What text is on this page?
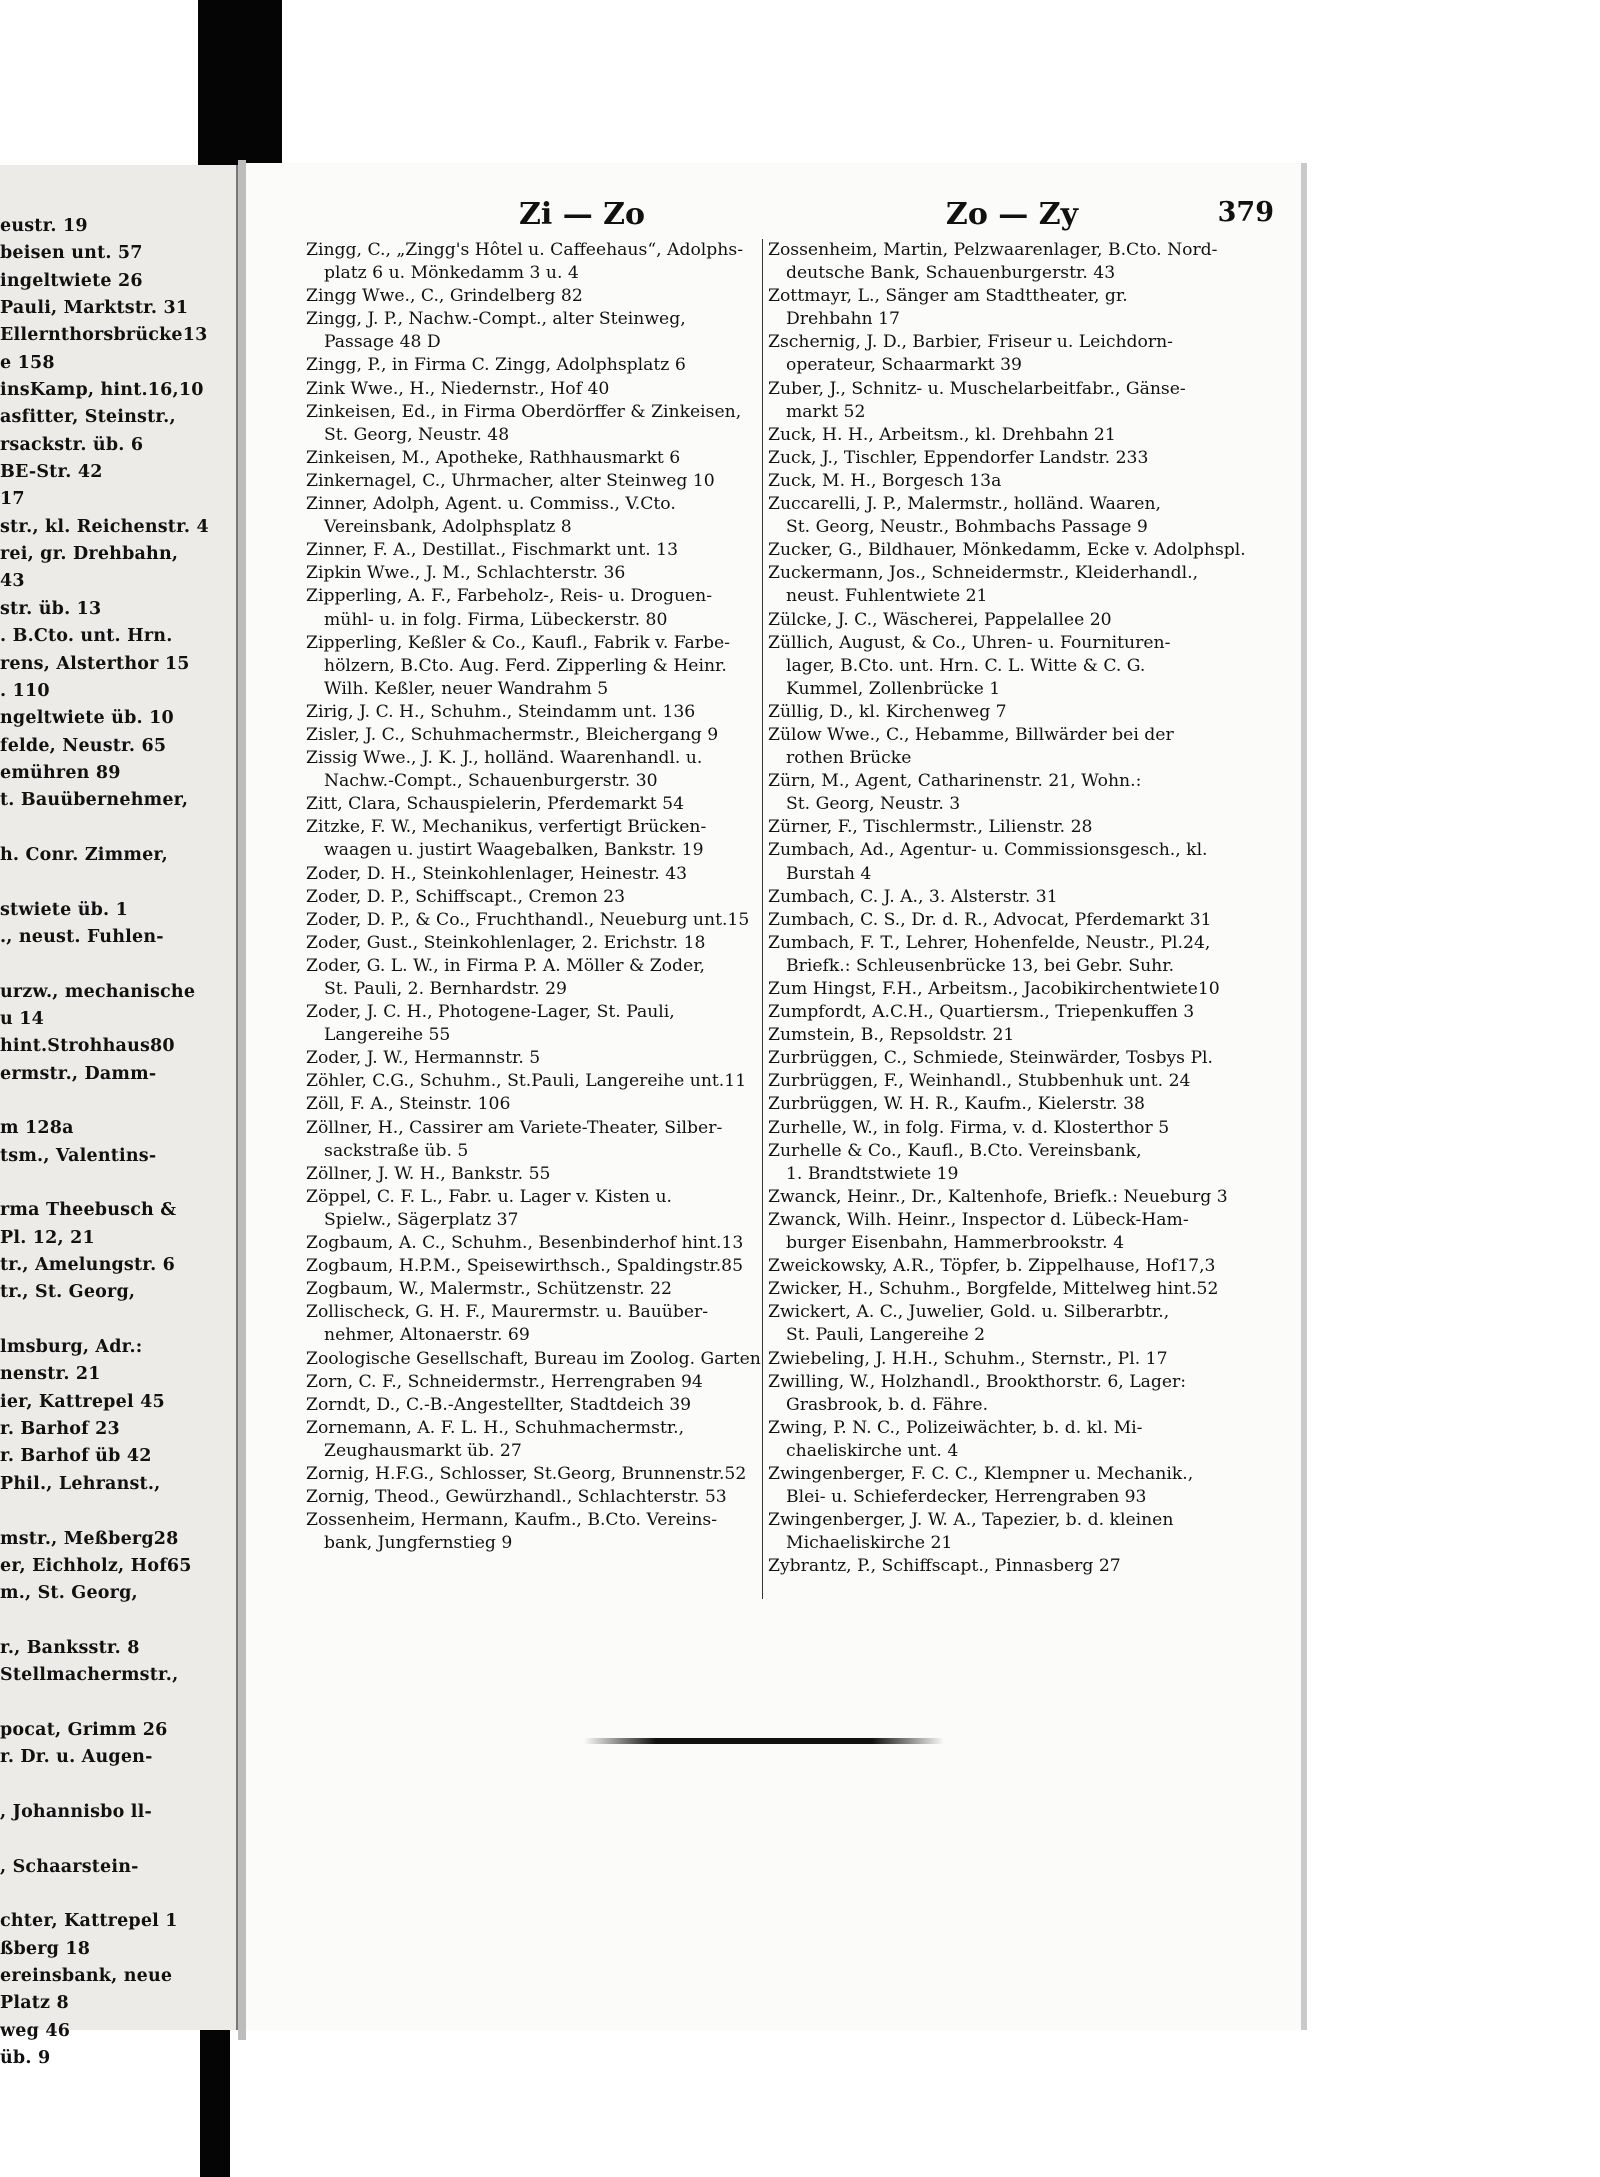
eustr. 19
beisen unt. 57
ingeltwiete 26
Pauli, Marktstr. 31
Ellernthorsbrücke13
e 158
insKamp, hint.16,10
asfitter, Steinstr.,
rsackstr. üb. 6
BE-Str. 42
17
str., kl. Reichenstr. 4
rei, gr. Drehbahn,
43
str. üb. 13
. B.Cto. unt. Hrn.
rens, Alsterthor 15
. 110
ngeltwiete üb. 10
felde, Neustr. 65
emühren 89
t. Bauübernehmer,
h. Conr. Zimmer,
stwiete üb. 1
., neust. Fuhlen-
urzw., mechanische
u 14
hint.Strohhaus80
ermstr., Damm-
m 128a
tsm., Valentins-
rma Theebusch &
Pl. 12, 21
tr., Amelungstr. 6
tr., St. Georg,
lmsburg, Adr.:
nenstr. 21
ier, Kattrepel 45
r. Barhof 23
r. Barhof üb 42
Phil., Lehranst.,
mstr., Meßberg28
er, Eichholz, Hof65
m., St. Georg,
r., Banksstr. 8
Stellmachermstr.,
pocat, Grimm 26
r. Dr. u. Augen-
, Johannisbo ll-
, Schaarstein-
chter, Kattrepel 1
ßberg 18
ereinsbank, neue
Platz 8
weg 46
üb. 9
Zi — Zo	Zo — Zy	379
Zingg, C., „Zingg's Hôtel u. Caffeehaus“, Adolphs-
platz 6 u. Mönkedamm 3 u. 4
Zingg Wwe., C., Grindelberg 82
Zingg, J. P., Nachw.-Compt., alter Steinweg,
Passage 48 D
Zingg, P., in Firma C. Zingg, Adolphsplatz 6
Zink Wwe., H., Niedernstr., Hof 40
Zinkeisen, Ed., in Firma Oberdörffer & Zinkeisen,
St. Georg, Neustr. 48
Zinkeisen, M., Apotheke, Rathhausmarkt 6
Zinkernagel, C., Uhrmacher, alter Steinweg 10
Zinner, Adolph, Agent. u. Commiss., V.Cto.
Vereinsbank, Adolphsplatz 8
Zinner, F. A., Destillat., Fischmarkt unt. 13
Zipkin Wwe., J. M., Schlachterstr. 36
Zipperling, A. F., Farbeholz-, Reis- u. Droguen-
mühl- u. in folg. Firma, Lübeckerstr. 80
Zipperling, Keßler & Co., Kaufl., Fabrik v. Farbe-
hölzern, B.Cto. Aug. Ferd. Zipperling & Heinr.
Wilh. Keßler, neuer Wandrahm 5
Zirig, J. C. H., Schuhm., Steindamm unt. 136
Zisler, J. C., Schuhmachermstr., Bleichergang 9
Zissig Wwe., J. K. J., holländ. Waarenhandl. u.
Nachw.-Compt., Schauenburgerstr. 30
Zitt, Clara, Schauspielerin, Pferdemarkt 54
Zitzke, F. W., Mechanikus, verfertigt Brücken-
waagen u. justirt Waagebalken, Bankstr. 19
Zoder, D. H., Steinkohlenlager, Heinestr. 43
Zoder, D. P., Schiffscapt., Cremon 23
Zoder, D. P., & Co., Fruchthandl., Neueburg unt.15
Zoder, Gust., Steinkohlenlager, 2. Erichstr. 18
Zoder, G. L. W., in Firma P. A. Möller & Zoder,
St. Pauli, 2. Bernhardstr. 29
Zoder, J. C. H., Photogene-Lager, St. Pauli,
Langereihe 55
Zoder, J. W., Hermannstr. 5
Zöhler, C.G., Schuhm., St.Pauli, Langereihe unt.11
Zöll, F. A., Steinstr. 106
Zöllner, H., Cassirer am Variete-Theater, Silber-
sackstraße üb. 5
Zöllner, J. W. H., Bankstr. 55
Zöppel, C. F. L., Fabr. u. Lager v. Kisten u.
Spielw., Sägerplatz 37
Zogbaum, A. C., Schuhm., Besenbinderhof hint.13
Zogbaum, H.P.M., Speisewirthsch., Spaldingstr.85
Zogbaum, W., Malermstr., Schützenstr. 22
Zollischeck, G. H. F., Maurermstr. u. Bauüber-
nehmer, Altonaerstr. 69
Zoologische Gesellschaft, Bureau im Zoolog. Garten
Zorn, C. F., Schneidermstr., Herrengraben 94
Zorndt, D., C.-B.-Angestellter, Stadtdeich 39
Zornemann, A. F. L. H., Schuhmachermstr.,
Zeughausmarkt üb. 27
Zornig, H.F.G., Schlosser, St.Georg, Brunnenstr.52
Zornig, Theod., Gewürzhandl., Schlachterstr. 53
Zossenheim, Hermann, Kaufm., B.Cto. Vereins-
bank, Jungfernstieg 9
Zossenheim, Martin, Pelzwaarenlager, B.Cto. Nord-
deutsche Bank, Schauenburgerstr. 43
Zottmayr, L., Sänger am Stadttheater, gr.
Drehbahn 17
Zschernig, J. D., Barbier, Friseur u. Leichdorn-
operateur, Schaarmarkt 39
Zuber, J., Schnitz- u. Muschelarbeitfabr., Gänse-
markt 52
Zuck, H. H., Arbeitsm., kl. Drehbahn 21
Zuck, J., Tischler, Eppendorfer Landstr. 233
Zuck, M. H., Borgesch 13a
Zuccarelli, J. P., Malermstr., holländ. Waaren,
St. Georg, Neustr., Bohmbachs Passage 9
Zucker, G., Bildhauer, Mönkedamm, Ecke v. Adolphspl.
Zuckermann, Jos., Schneidermstr., Kleiderhandl.,
neust. Fuhlentwiete 21
Zülcke, J. C., Wäscherei, Pappelallee 20
Züllich, August, & Co., Uhren- u. Fournituren-
lager, B.Cto. unt. Hrn. C. L. Witte & C. G.
Kummel, Zollenbrücke 1
Züllig, D., kl. Kirchenweg 7
Zülow Wwe., C., Hebamme, Billwärder bei der
rothen Brücke
Zürn, M., Agent, Catharinenstr. 21, Wohn.:
St. Georg, Neustr. 3
Zürner, F., Tischlermstr., Lilienstr. 28
Zumbach, Ad., Agentur- u. Commissionsgesch., kl.
Burstah 4
Zumbach, C. J. A., 3. Alsterstr. 31
Zumbach, C. S., Dr. d. R., Advocat, Pferdemarkt 31
Zumbach, F. T., Lehrer, Hohenfelde, Neustr., Pl.24,
Briefk.: Schleusenbrücke 13, bei Gebr. Suhr.
Zum Hingst, F.H., Arbeitsm., Jacobikirchentwiete10
Zumpfordt, A.C.H., Quartiersm., Triepenkuffen 3
Zumstein, B., Repsoldstr. 21
Zurbrüggen, C., Schmiede, Steinwärder, Tosbys Pl.
Zurbrüggen, F., Weinhandl., Stubbenhuk unt. 24
Zurbrüggen, W. H. R., Kaufm., Kielerstr. 38
Zurhelle, W., in folg. Firma, v. d. Klosterthor 5
Zurhelle & Co., Kaufl., B.Cto. Vereinsbank,
1. Brandtstwiete 19
Zwanck, Heinr., Dr., Kaltenhofe, Briefk.: Neueburg 3
Zwanck, Wilh. Heinr., Inspector d. Lübeck-Ham-
burger Eisenbahn, Hammerbrookstr. 4
Zweickowsky, A.R., Töpfer, b. Zippelhause, Hof17,3
Zwicker, H., Schuhm., Borgfelde, Mittelweg hint.52
Zwickert, A. C., Juwelier, Gold. u. Silberarbtr.,
St. Pauli, Langereihe 2
Zwiebeling, J. H.H., Schuhm., Sternstr., Pl. 17
Zwilling, W., Holzhandl., Brookthorstr. 6, Lager:
Grasbrook, b. d. Fähre.
Zwing, P. N. C., Polizeiwächter, b. d. kl. Mi-
chaeliskirche unt. 4
Zwingenberger, F. C. C., Klempner u. Mechanik.,
Blei- u. Schieferdecker, Herrengraben 93
Zwingenberger, J. W. A., Tapezier, b. d. kleinen
Michaeliskirche 21
Zybrantz, P., Schiffscapt., Pinnasberg 27
